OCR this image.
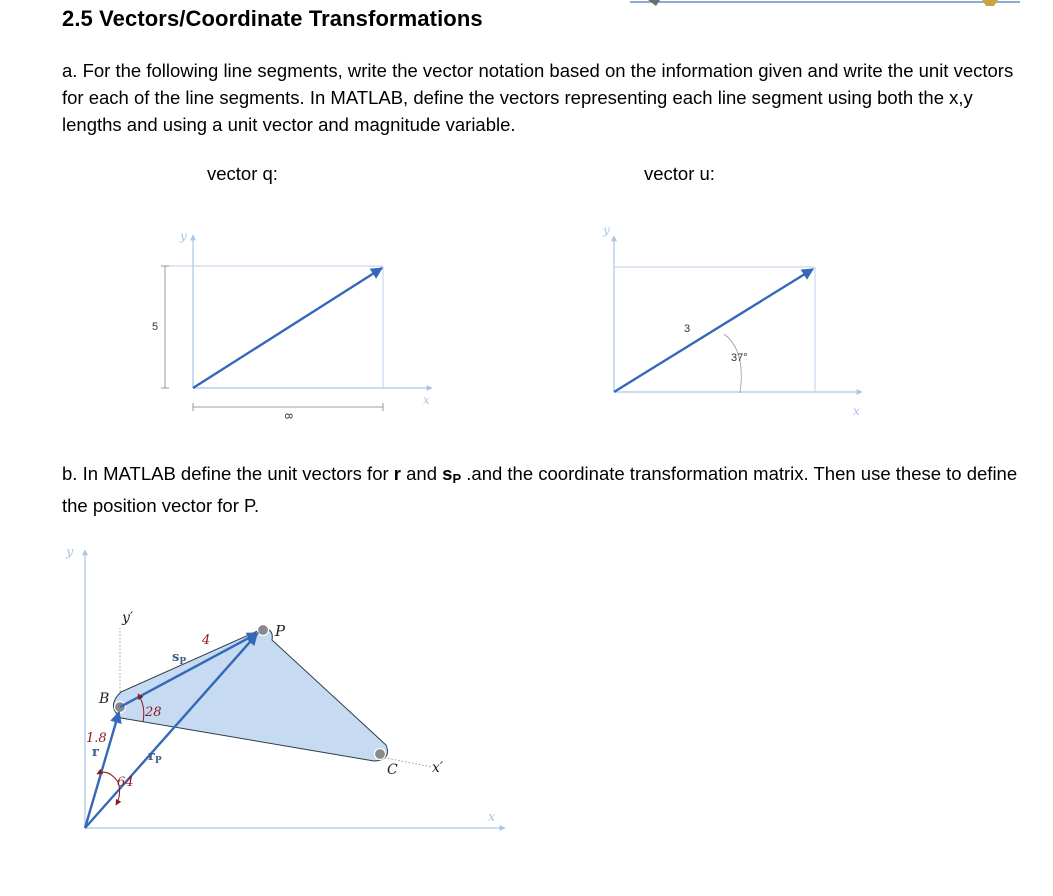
2.5 Vectors/Coordinate Transformations
a. For the following line segments, write the vector notation based on the information given and write the unit vectors for each of the line segments. In MATLAB, define the vectors representing each line segment using both the x,y lengths and using a unit vector and magnitude variable.
vector q:	vector u:
b. In MATLAB define the unit vectors for r and $s_P$ .and the coordinate transformation matrix. Then use these to define the position vector for P.
y
x
5
8
y
x
3
37°
y
x
y′
x′
P
B
C
1.8
r
$s_P$
4
$r_P$
28
64
